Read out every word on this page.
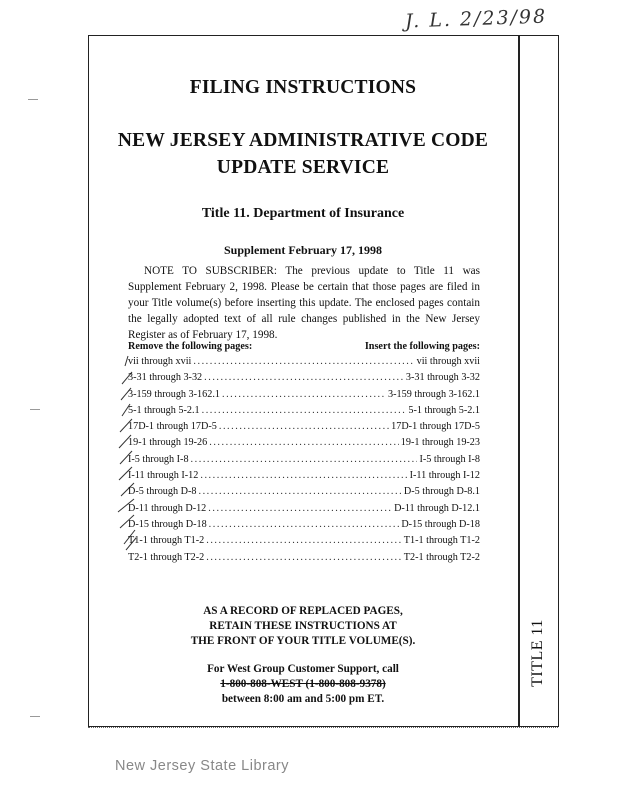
J. L. 2/23/98
TITLE 11
FILING INSTRUCTIONS
NEW JERSEY ADMINISTRATIVE CODE
UPDATE SERVICE
Title 11. Department of Insurance
Supplement February 17, 1998
NOTE TO SUBSCRIBER: The previous update to Title 11 was Supplement February 2, 1998. Please be certain that those pages are filed in your Title volume(s) before inserting this update. The enclosed pages contain the legally adopted text of all rule changes published in the New Jersey Register as of February 17, 1998.
Remove the following pages:	Insert the following pages:
vii through xvii . . .	vii through xvii
3-31 through 3-32 . . .	3-31 through 3-32
3-159 through 3-162.1 . . .	3-159 through 3-162.1
5-1 through 5-2.1 . . .	5-1 through 5-2.1
17D-1 through 17D-5 . . .	17D-1 through 17D-5
19-1 through 19-26 . . .	19-1 through 19-23
I-5 through I-8 . . .	I-5 through I-8
I-11 through I-12 . . .	I-11 through I-12
D-5 through D-8 . . .	D-5 through D-8.1
D-11 through D-12 . . .	D-11 through D-12.1
D-15 through D-18 . . .	D-15 through D-18
T1-1 through T1-2 . . .	T1-1 through T1-2
T2-1 through T2-2 . . .	T2-1 through T2-2
AS A RECORD OF REPLACED PAGES,
RETAIN THESE INSTRUCTIONS AT
THE FRONT OF YOUR TITLE VOLUME(S).
For West Group Customer Support, call
1-800-808-WEST (1-800-808-9378)
between 8:00 am and 5:00 pm ET.
New Jersey State Library
